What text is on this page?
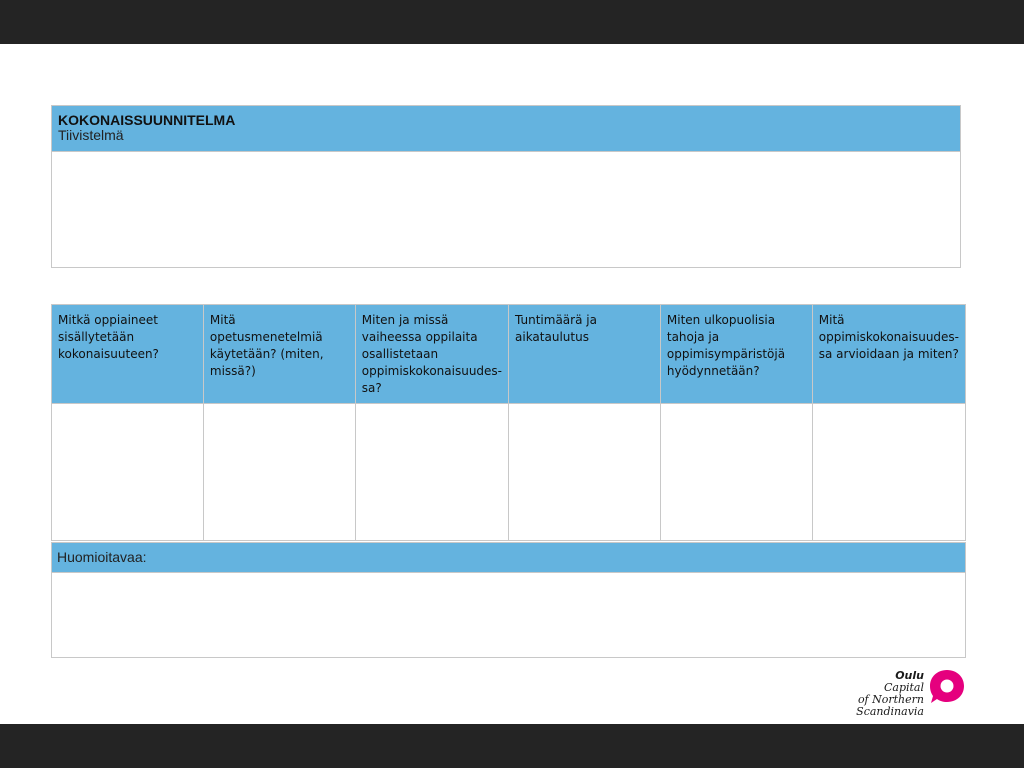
KOKONAISSUUNNITELMA
Tiivistelmä
Mitkä oppiaineet sisällytetään kokonaisuuteen?
Mitä opetusmenetelmiä käytetään? (miten, missä?)
Miten ja missä vaiheessa oppilaita osallistetaan oppimiskokonaisuudes-sa?
Tuntimäärä ja aikataulutus
Miten ulkopuolisia tahoja ja oppimisympäristöjä hyödynnetään?
Mitä oppimiskokonaisuudes-sa arvioidaan ja miten?
Huomioitavaa:
Oulu Capital
of Northern
Scandinavia
